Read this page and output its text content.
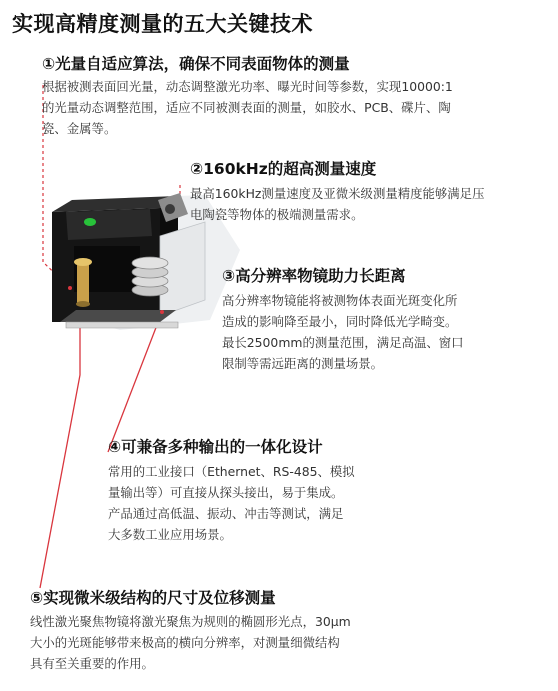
实现高精度测量的五大关键技术
①光量自适应算法，确保不同表面物体的测量

根据被测表面回光量，动态调整激光功率、曝光时间等参数，实现10000:1
的光量动态调整范围，适应不同被测表面的测量，如胶水、PCB、碟片、陶
瓷、金属等。

②160kHz的超高测量速度

最高160kHz测量速度及亚微米级测量精度能够满足压
电陶瓷等物体的极端测量需求。

③高分辨率物镜助力长距离

高分辨率物镜能将被测物体表面光斑变化所
造成的影响降至最小，同时降低光学畸变。
最长2500mm的测量范围，满足高温、窗口
限制等需远距离的测量场景。

④可兼备多种输出的一体化设计

常用的工业接口（Ethernet、RS-485、模拟
量输出等）可直接从探头接出，易于集成。
产品通过高低温、振动、冲击等测试，满足
大多数工业应用场景。

⑤实现微米级结构的尺寸及位移测量

线性激光聚焦物镜将激光聚焦为规则的椭圆形光点，30μm
大小的光斑能够带来极高的横向分辨率，对测量细微结构
具有至关重要的作用。
